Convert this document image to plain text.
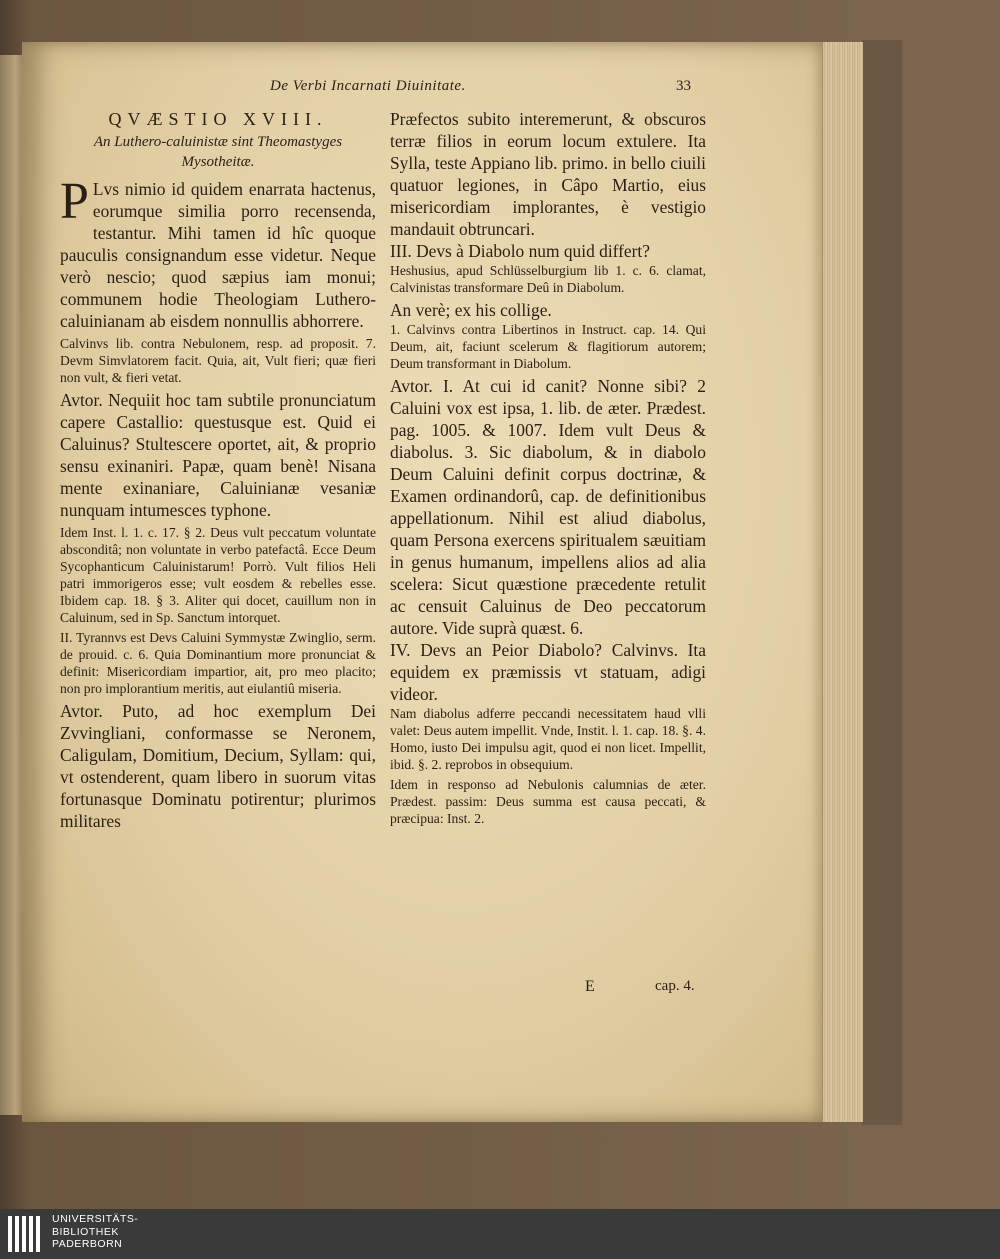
De Verbi Incarnati Diuinitate.	33
QVÆSTIO XVIII.
An Luthero-caluinistæ sint Theomastyges
Mysotheitæ.

P Lvs nimio id quidem enarrata hactenus, eorumque similia porro recensenda, testantur. Mihi tamen id hîc quoque pauculis consignandum esse videtur. Neque verò nescio; quod sæpius iam monui; communem hodie Theologiam Luthero-caluinianam ab eisdem nonnullis abhorrere.

Calvinvs lib. contra Nebulonem, resp. ad proposit. 7. Devm Simvlatorem facit. Quia, ait, Vult fieri; quæ fieri non vult, & fieri vetat.

Avtor. Nequiit hoc tam subtile pronunciatum capere Castallio: questusque est. Quid ei Caluinus? Stultescere oportet, ait, & proprio sensu exinaniri. Papæ, quam benè! Nisana mente exinaniare, Caluinianæ vesaniæ nunquam intumesces typhone.

Idem Inst. l. 1. c. 17. § 2. Deus vult peccatum voluntate absconditâ; non voluntate in verbo patefactâ. Ecce Deum Sycophanticum Caluinistarum! Porrò. Vult filios Heli patri immorigeros esse; vult eosdem & rebelles esse. Ibidem cap. 18. § 3. Aliter qui docet, cauillum non in Caluinum, sed in Sp. Sanctum intorquet.

II. Tyrannvs est Devs Caluini Symmystæ Zwinglio, serm. de prouid. c. 6. Quia Dominantium more pronunciat & definit: Misericordiam impartior, ait, pro meo placito; non pro implorantium meritis, aut eiulantiû miseria.

Avtor. Puto, ad hoc exemplum Dei Zvvingliani, conformasse se Neronem, Caligulam, Domitium, Decium, Syllam: qui, vt ostenderent, quam libero in suorum vitas fortunasque Dominatu potirentur; plurimos militares

Præfectos subito interemerunt, & obscuros terræ filios in eorum locum extulere. Ita Sylla, teste Appiano lib. primo. in bello ciuili quatuor legiones, in Câpo Martio, eius misericordiam implorantes, è vestigio mandauit obtruncari.

III. Devs à Diabolo num quid differt?

Heshusius, apud Schlüsselburgium lib 1. c. 6. clamat, Calvinistas transformare Deû in Diabolum.

An verè; ex his collige.

1. Calvinvs contra Libertinos in Instruct. cap. 14. Qui Deum, ait, faciunt scelerum & flagitiorum autorem; Deum transformant in Diabolum.

Avtor. I. At cui id canit? Nonne sibi? 2 Caluini vox est ipsa, 1. lib. de æter. Prædest. pag. 1005. & 1007. Idem vult Deus & diabolus. 3. Sic diabolum, & in diabolo Deum Caluini definit corpus doctrinæ, & Examen ordinandorû, cap. de definitionibus appellationum. Nihil est aliud diabolus, quam Persona exercens spiritualem sæuitiam in genus humanum, impellens alios ad alia scelera: Sicut quæstione præcedente retulit ac censuit Caluinus de Deo peccatorum autore. Vide suprà quæst. 6.

IV. Devs an Peior Diabolo? Calvinvs. Ita equidem ex præmissis vt statuam, adigi videor.

Nam diabolus adferre peccandi necessitatem haud vlli valet: Deus autem impellit. Vnde, Instit. l. 1. cap. 18. §. 4. Homo, iusto Dei impulsu agit, quod ei non licet. Impellit, ibid. §. 2. reprobos in obsequium.

Idem in responso ad Nebulonis calumnias de æter. Prædest. passim: Deus summa est causa peccati, & præcipua: Inst. 2.

E	cap. 4.
UNIVERSITÄTS-
BIBLIOTHEK
PADERBORN
